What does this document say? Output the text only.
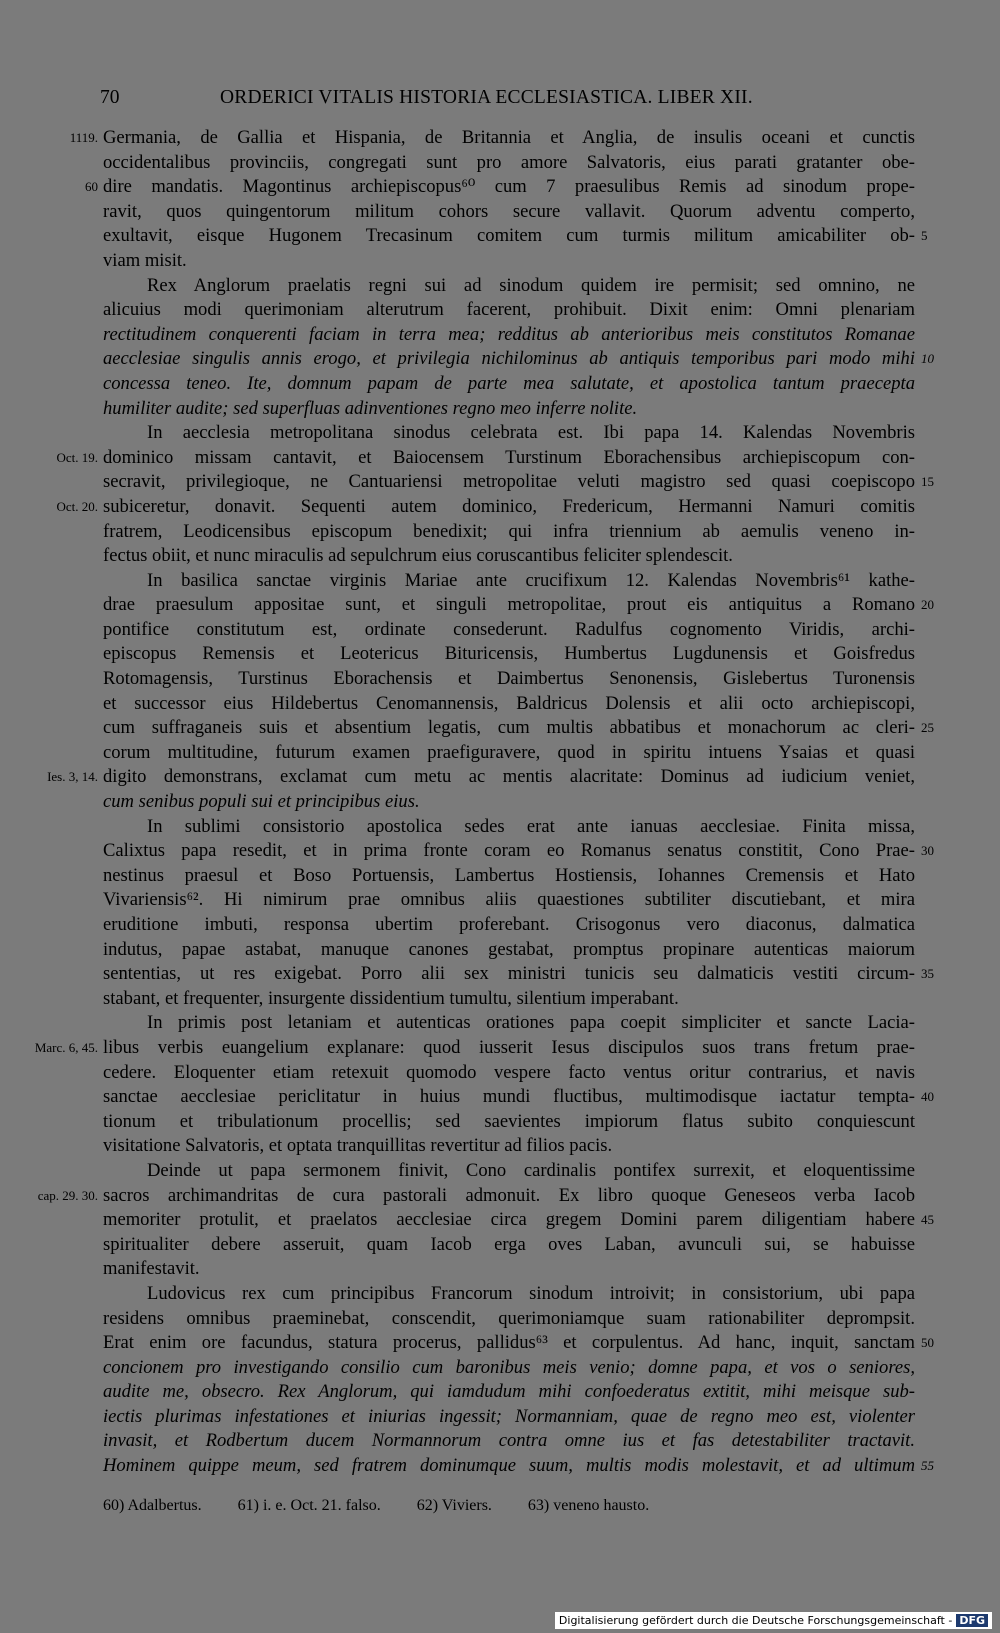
70	ORDERICI VITALIS HISTORIA ECCLESIASTICA. LIBER XII.
Germania, de Gallia et Hispania, de Britannia et Anglia, de insulis oceani et cunctis
1119.
occidentalibus provinciis, congregati sunt pro amore Salvatoris, eius parati gratanter obe-
dire mandatis. Magontinus archiepiscopus⁶⁰ cum 7 praesulibus Remis ad sinodum prope-
60
ravit, quos quingentorum militum cohors secure vallavit. Quorum adventu comperto,
exultavit, eisque Hugonem Trecasinum comitem cum turmis militum amicabiliter ob- 5
viam misit.
Rex Anglorum praelatis regni sui ad sinodum quidem ire permisit; sed omnino, ne
alicuius modi querimoniam alterutrum facerent, prohibuit. Dixit enim: Omni plenariam
rectitudinem conquerenti faciam in terra mea; redditus ab anterioribus meis constitutos Romanae
aecclesiae singulis annis erogo, et privilegia nichilominus ab antiquis temporibus pari modo mihi 10
concessa teneo. Ite, domnum papam de parte mea salutate, et apostolica tantum praecepta
humiliter audite; sed superfluas adinventiones regno meo inferre nolite.
In aecclesia metropolitana sinodus celebrata est. Ibi papa 14. Kalendas Novembris
dominico missam cantavit, et Baiocensem Turstinum Eborachensibus archiepiscopum con-
Oct. 19.
secravit, privilegioque, ne Cantuariensi metropolitae veluti magistro sed quasi coepiscopo 15
subiceretur, donavit. Sequenti autem dominico, Fredericum, Hermanni Namuri comitis
Oct. 20.
fratrem, Leodicensibus episcopum benedixit; qui infra triennium ab aemulis veneno in-
fectus obiit, et nunc miraculis ad sepulchrum eius coruscantibus feliciter splendescit.
In basilica sanctae virginis Mariae ante crucifixum 12. Kalendas Novembris⁶¹ kathe-
drae praesulum appositae sunt, et singuli metropolitae, prout eis antiquitus a Romano 20
pontifice constitutum est, ordinate consederunt. Radulfus cognomento Viridis, archi-
episcopus Remensis et Leotericus Bituricensis, Humbertus Lugdunensis et Goisfredus
Rotomagensis, Turstinus Eborachensis et Daimbertus Senonensis, Gislebertus Turonensis
et successor eius Hildebertus Cenomannensis, Baldricus Dolensis et alii octo archiepiscopi,
cum suffraganeis suis et absentium legatis, cum multis abbatibus et monachorum ac cleri- 25
corum multitudine, futurum examen praefiguravere, quod in spiritu intuens Ysaias et quasi
digito demonstrans, exclamat cum metu ac mentis alacritate: Dominus ad iudicium veniet,
Ies. 3, 14.
cum senibus populi sui et principibus eius.
In sublimi consistorio apostolica sedes erat ante ianuas aecclesiae. Finita missa,
Calixtus papa resedit, et in prima fronte coram eo Romanus senatus constitit, Cono Prae- 30
nestinus praesul et Boso Portuensis, Lambertus Hostiensis, Iohannes Cremensis et Hato
Vivariensis⁶². Hi nimirum prae omnibus aliis quaestiones subtiliter discutiebant, et mira
eruditione imbuti, responsa ubertim proferebant. Crisogonus vero diaconus, dalmatica
indutus, papae astabat, manuque canones gestabat, promptus propinare autenticas maiorum
sententias, ut res exigebat. Porro alii sex ministri tunicis seu dalmaticis vestiti circum- 35
stabant, et frequenter, insurgente dissidentium tumultu, silentium imperabant.
In primis post letaniam et autenticas orationes papa coepit simpliciter et sancte Lacia-
libus verbis euangelium explanare: quod iusserit Iesus discipulos suos trans fretum prae-
Marc. 6, 45.
cedere. Eloquenter etiam retexuit quomodo vespere facto ventus oritur contrarius, et navis
sanctae aecclesiae periclitatur in huius mundi fluctibus, multimodisque iactatur tempta- 40
tionum et tribulationum procellis; sed saevientes impiorum flatus subito conquiescunt
visitatione Salvatoris, et optata tranquillitas revertitur ad filios pacis.
Deinde ut papa sermonem finivit, Cono cardinalis pontifex surrexit, et eloquentissime
sacros archimandritas de cura pastorali admonuit. Ex libro quoque Geneseos verba Iacob
cap. 29. 30.
memoriter protulit, et praelatos aecclesiae circa gregem Domini parem diligentiam habere 45
spiritualiter debere asseruit, quam Iacob erga oves Laban, avunculi sui, se habuisse
manifestavit.
Ludovicus rex cum principibus Francorum sinodum introivit; in consistorium, ubi papa
residens omnibus praeminebat, conscendit, querimoniamque suam rationabiliter deprompsit.
Erat enim ore facundus, statura procerus, pallidus⁶³ et corpulentus. Ad hanc, inquit, sanctam 50
concionem pro investigando consilio cum baronibus meis venio; domne papa, et vos o seniores,
audite me, obsecro. Rex Anglorum, qui iamdudum mihi confoederatus extitit, mihi meisque sub-
iectis plurimas infestationes et iniurias ingessit; Normanniam, quae de regno meo est, violenter
invasit, et Rodbertum ducem Normannorum contra omne ius et fas detestabiliter tractavit.
Hominem quippe meum, sed fratrem dominumque suum, multis modis molestavit, et ad ultimum 55
60) Adalbertus. 61) i. e. Oct. 21. falso. 62) Viviers. 63) veneno hausto.
Digitalisierung gefördert durch die Deutsche Forschungsgemeinschaft - DFG
